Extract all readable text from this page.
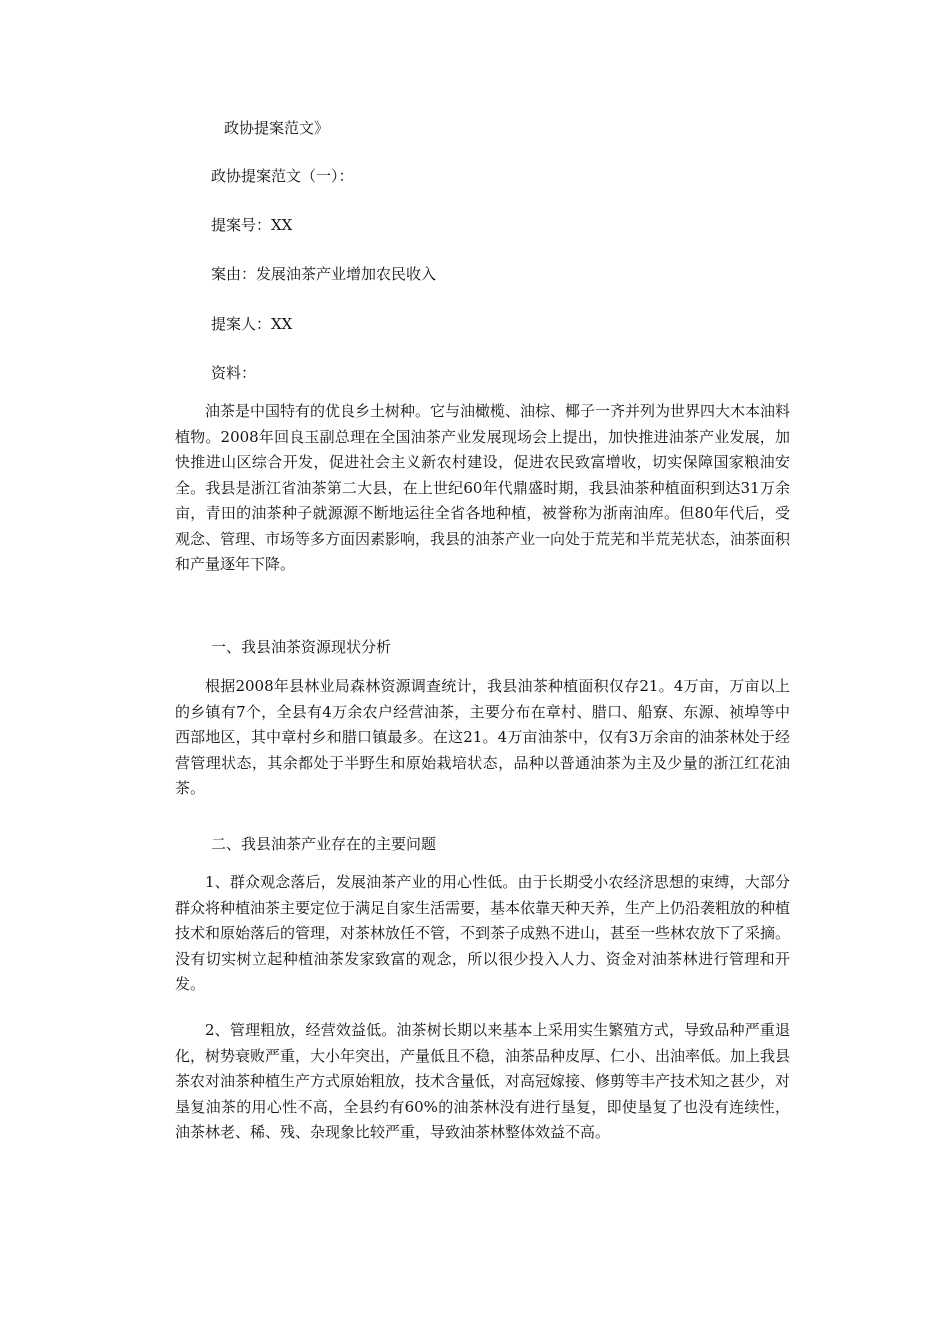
政协提案范文》
政协提案范文（一）：
提案号：XX
案由：发展油茶产业增加农民收入
提案人：XX
资料：

油茶是中国特有的优良乡土树种。它与油橄榄、油棕、椰子一齐并列为世界四大木本油料植物。2008年回良玉副总理在全国油茶产业发展现场会上提出，加快推进油茶产业发展，加快推进山区综合开发，促进社会主义新农村建设，促进农民致富增收，切实保障国家粮油安全。我县是浙江省油茶第二大县，在上世纪60年代鼎盛时期，我县油茶种植面积到达31万余亩，青田的油茶种子就源源不断地运往全省各地种植，被誉称为浙南油库。但80年代后，受观念、管理、市场等多方面因素影响，我县的油茶产业一向处于荒芜和半荒芜状态，油茶面积和产量逐年下降。

一、我县油茶资源现状分析

根据2008年县林业局森林资源调查统计，我县油茶种植面积仅存21。4万亩，万亩以上的乡镇有7个，全县有4万余农户经营油茶，主要分布在章村、腊口、船寮、东源、祯埠等中西部地区，其中章村乡和腊口镇最多。在这21。4万亩油茶中，仅有3万余亩的油茶林处于经营管理状态，其余都处于半野生和原始栽培状态，品种以普通油茶为主及少量的浙江红花油茶。

二、我县油茶产业存在的主要问题

1、群众观念落后，发展油茶产业的用心性低。由于长期受小农经济思想的束缚，大部分群众将种植油茶主要定位于满足自家生活需要，基本依靠天种天养，生产上仍沿袭粗放的种植技术和原始落后的管理，对茶林放任不管，不到茶子成熟不进山，甚至一些林农放下了采摘。没有切实树立起种植油茶发家致富的观念，所以很少投入人力、资金对油茶林进行管理和开发。

2、管理粗放，经营效益低。油茶树长期以来基本上采用实生繁殖方式，导致品种严重退化，树势衰败严重，大小年突出，产量低且不稳，油茶品种皮厚、仁小、出油率低。加上我县茶农对油茶种植生产方式原始粗放，技术含量低，对高冠嫁接、修剪等丰产技术知之甚少，对垦复油茶的用心性不高，全县约有60%的油茶林没有进行垦复，即使垦复了也没有连续性，油茶林老、稀、残、杂现象比较严重，导致油茶林整体效益不高。
